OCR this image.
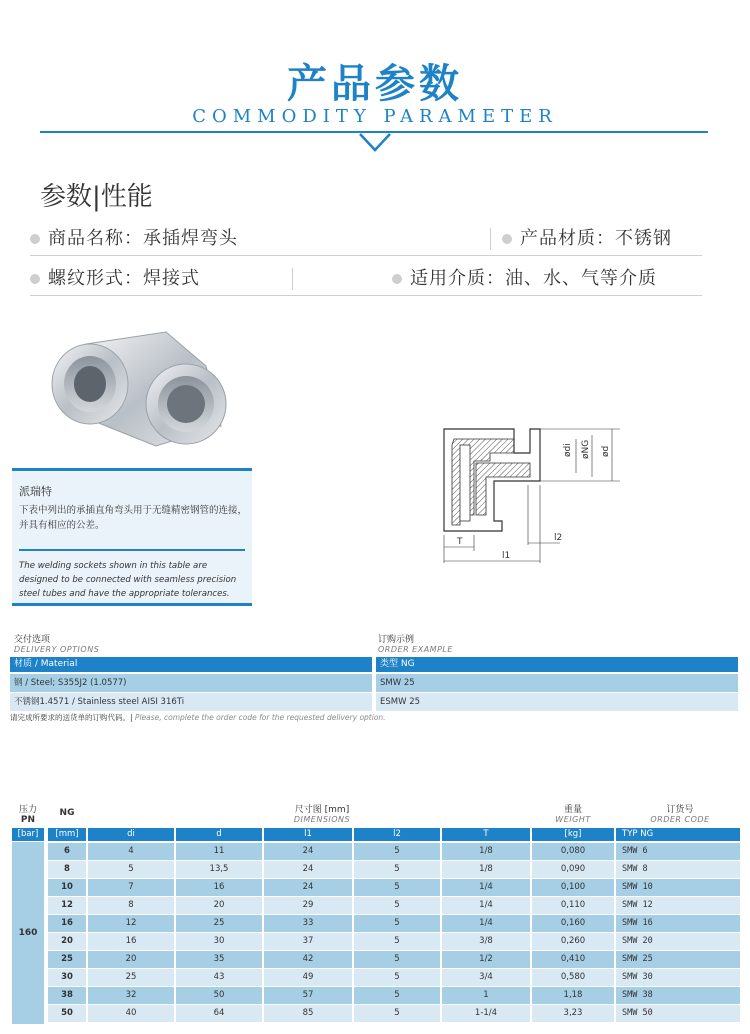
产品参数
COMMODITY PARAMETER
参数|性能
商品名称：承插焊弯头	产品材质：不锈钢
螺纹形式：焊接式	适用介质：油、水、气等介质
派瑞特
下表中列出的承插直角弯头用于无缝精密钢管的连接，并具有相应的公差。
The welding sockets shown in this table are designed to be connected with seamless precision steel tubes and have the appropriate tolerances.
ødi øNG ød
T
l1
l2
交付选项
DELIVERY OPTIONS
材质 / Material
钢 / Steel; S355J2 (1.0577)
不锈钢1.4571 / Stainless steel AISI 316Ti
订购示例
ORDER EXAMPLE
类型 NG
SMW 25
ESMW 25
请完成所要求的送货单的订购代码。| Please, complete the order code for the requested delivery option.
压力
PN
NG	尺寸图 [mm]
DIMENSIONS
重量
WEIGHT
订货号
ORDER CODE
[bar]	[mm]	di	d	l1	l2	T	[kg]	TYP NG
160
6	4	11	24	5	1/8	0,080	SMW 6
8	5	13,5	24	5	1/8	0,090	SMW 8
10	7	16	24	5	1/4	0,100	SMW 10
12	8	20	29	5	1/4	0,110	SMW 12
16	12	25	33	5	1/4	0,160	SMW 16
20	16	30	37	5	3/8	0,260	SMW 20
25	20	35	42	5	1/2	0,410	SMW 25
30	25	43	49	5	3/4	0,580	SMW 30
38	32	50	57	5	1	1,18	SMW 38
50	40	64	85	5	1-1/4	3,23	SMW 50
